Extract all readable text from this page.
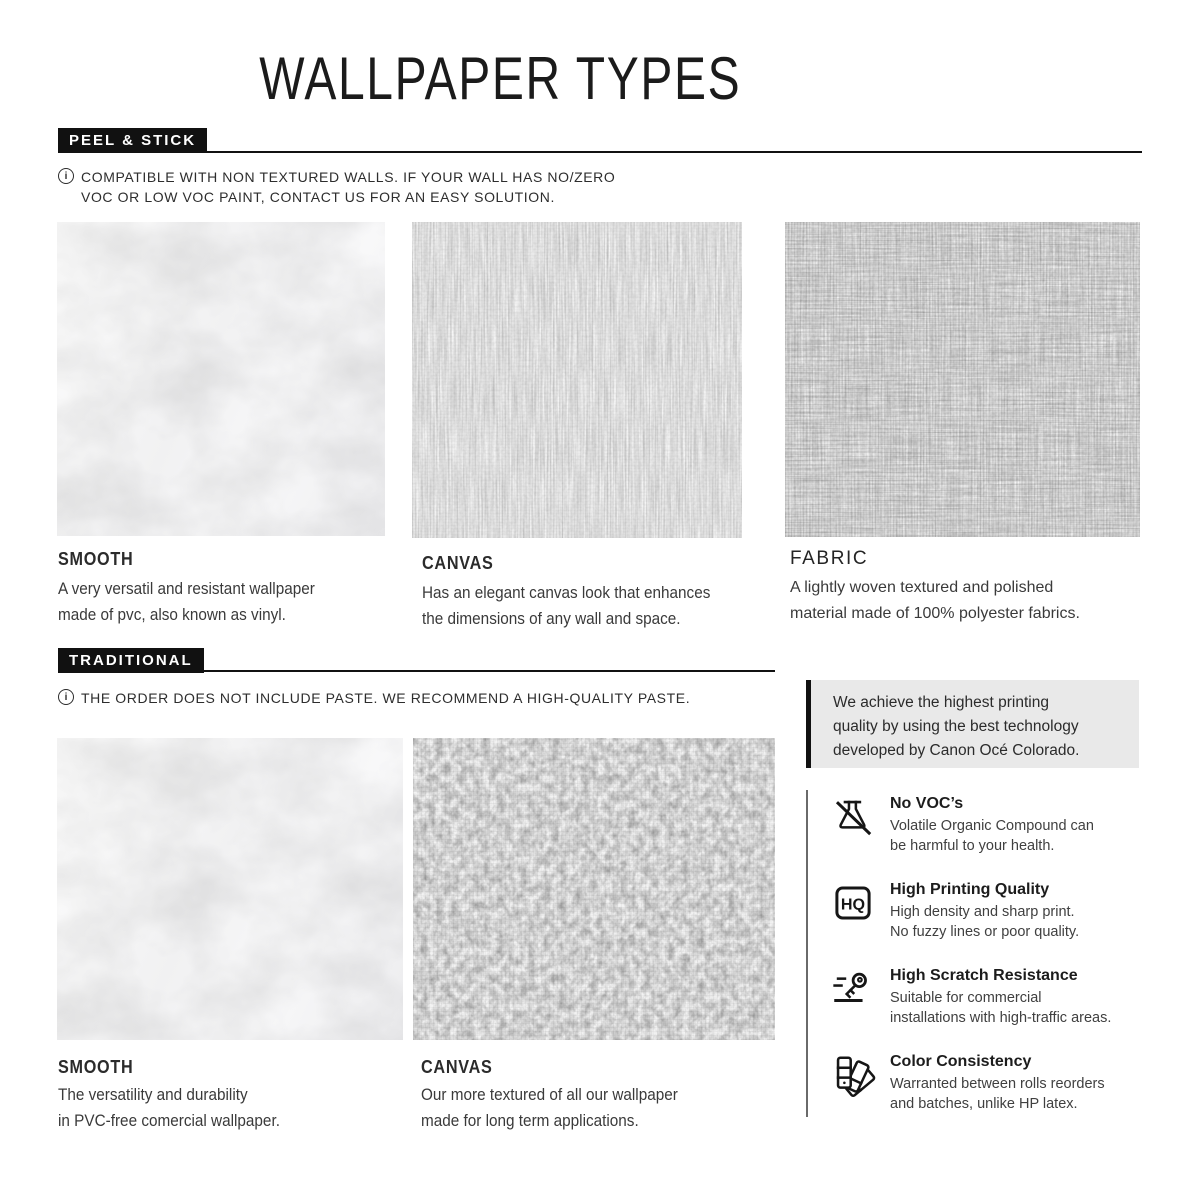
WALLPAPER TYPES
PEEL & STICK
i COMPATIBLE WITH NON TEXTURED WALLS. IF YOUR WALL HAS NO/ZERO
VOC OR LOW VOC PAINT, CONTACT US FOR AN EASY SOLUTION.
SMOOTH
A very versatil and resistant wallpaper
made of pvc, also known as vinyl.
CANVAS
Has an elegant canvas look that enhances
the dimensions of any wall and space.
FABRIC
A lightly woven textured and polished
material made of 100% polyester fabrics.
TRADITIONAL
i THE ORDER DOES NOT INCLUDE PASTE. WE RECOMMEND A HIGH-QUALITY PASTE.
SMOOTH
The versatility and durability
in PVC-free comercial wallpaper.
CANVAS
Our more textured of all our wallpaper
made for long term applications.
We achieve the highest printing
quality by using the best technology
developed by Canon Océ Colorado.
No VOC’s
Volatile Organic Compound can
be harmful to your health.
HQ
High Printing Quality
High density and sharp print.
No fuzzy lines or poor quality.
High Scratch Resistance
Suitable for commercial
installations with high-traffic areas.
Color Consistency
Warranted between rolls reorders
and batches, unlike HP latex.
